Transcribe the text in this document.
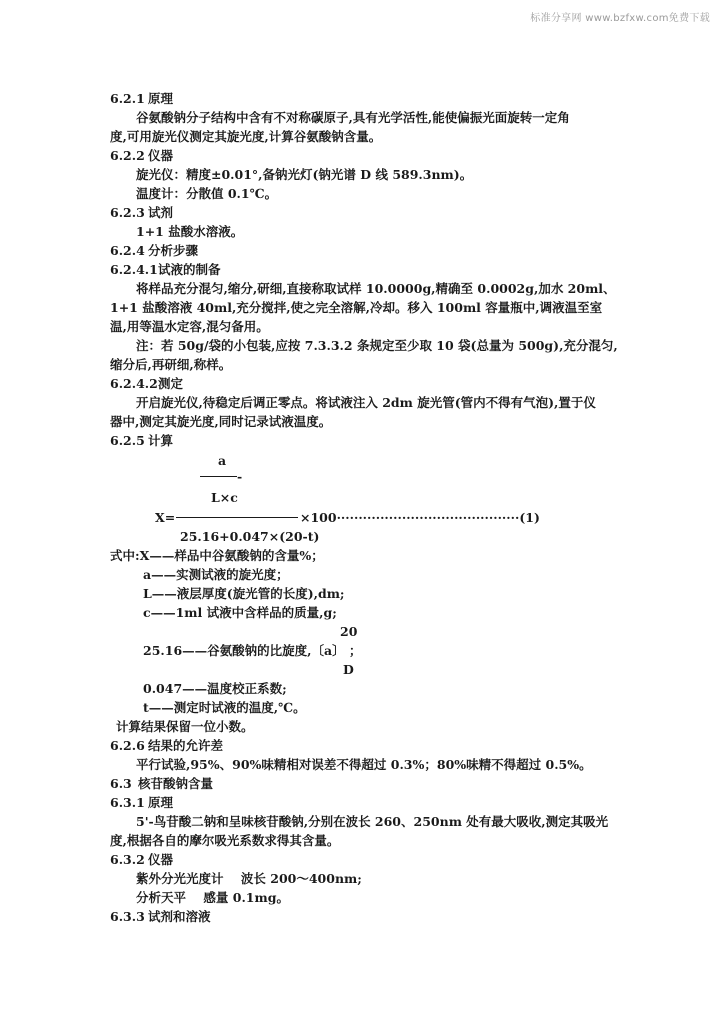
标准分享网 www.bzfxw.com免费下载
6.2.1 原理
谷氨酸钠分子结构中含有不对称碳原子,具有光学活性,能使偏振光面旋转一定角
度,可用旋光仪测定其旋光度,计算谷氨酸钠含量。
6.2.2 仪器
旋光仪：精度±0.01°,备钠光灯(钠光谱 D 线 589.3nm)。
温度计：分散值 0.1℃。
6.2.3 试剂
1+1 盐酸水溶液。
6.2.4 分析步骤
6.2.4.1试液的制备
将样品充分混匀,缩分,研细,直接称取试样 10.0000g,精确至 0.0002g,加水 20ml、
1+1 盐酸溶液 40ml,充分搅拌,使之完全溶解,冷却。移入 100ml 容量瓶中,调液温至室
温,用等温水定容,混匀备用。
注：若 50g/袋的小包装,应按 7.3.3.2 条规定至少取 10 袋(总量为 500g),充分混匀,
缩分后,再研细,称样。
6.2.4.2测定
开启旋光仪,待稳定后调正零点。将试液注入 2dm 旋光管(管内不得有气泡),置于仪
器中,测定其旋光度,同时记录试液温度。
6.2.5 计算
a
-
L×c
X=	×100··········································(1)
25.16+0.047×(20-t)
式中:X——样品中谷氨酸钠的含量%；
a——实测试液的旋光度；
L——液层厚度(旋光管的长度),dm;
c——1ml 试液中含样品的质量,g;
20
25.16——谷氨酸钠的比旋度,〔a〕 ；
D
0.047——温度校正系数;
t——测定时试液的温度,℃。
计算结果保留一位小数。
6.2.6 结果的允许差
平行试验,95%、90%味精相对误差不得超过 0.3%；80%味精不得超过 0.5%。
6.3 核苷酸钠含量
6.3.1 原理
5'-鸟苷酸二钠和呈味核苷酸钠,分别在波长 260、250nm 处有最大吸收,测定其吸光
度,根据各自的摩尔吸光系数求得其含量。
6.3.2 仪器
紫外分光光度计    波长 200～400nm;
分析天平    感量 0.1mg。
6.3.3 试剂和溶液
